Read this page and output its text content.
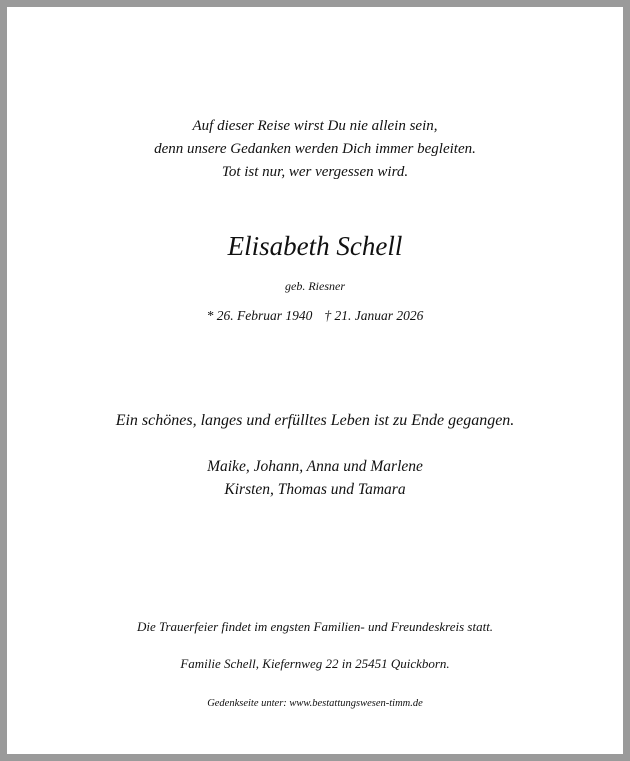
Auf dieser Reise wirst Du nie allein sein,

denn unsere Gedanken werden Dich immer begleiten.

Tot ist nur, wer vergessen wird.

Elisabeth Schell

geb. Riesner

* 26. Februar 1940 † 21. Januar 2026

Ein schönes, langes und erfülltes Leben ist zu Ende gegangen.

Maike, Johann, Anna und Marlene

Kirsten, Thomas und Tamara

Die Trauerfeier findet im engsten Familien- und Freundeskreis statt.

Familie Schell, Kiefernweg 22 in 25451 Quickborn.

Gedenkseite unter: www.bestattungswesen-timm.de
